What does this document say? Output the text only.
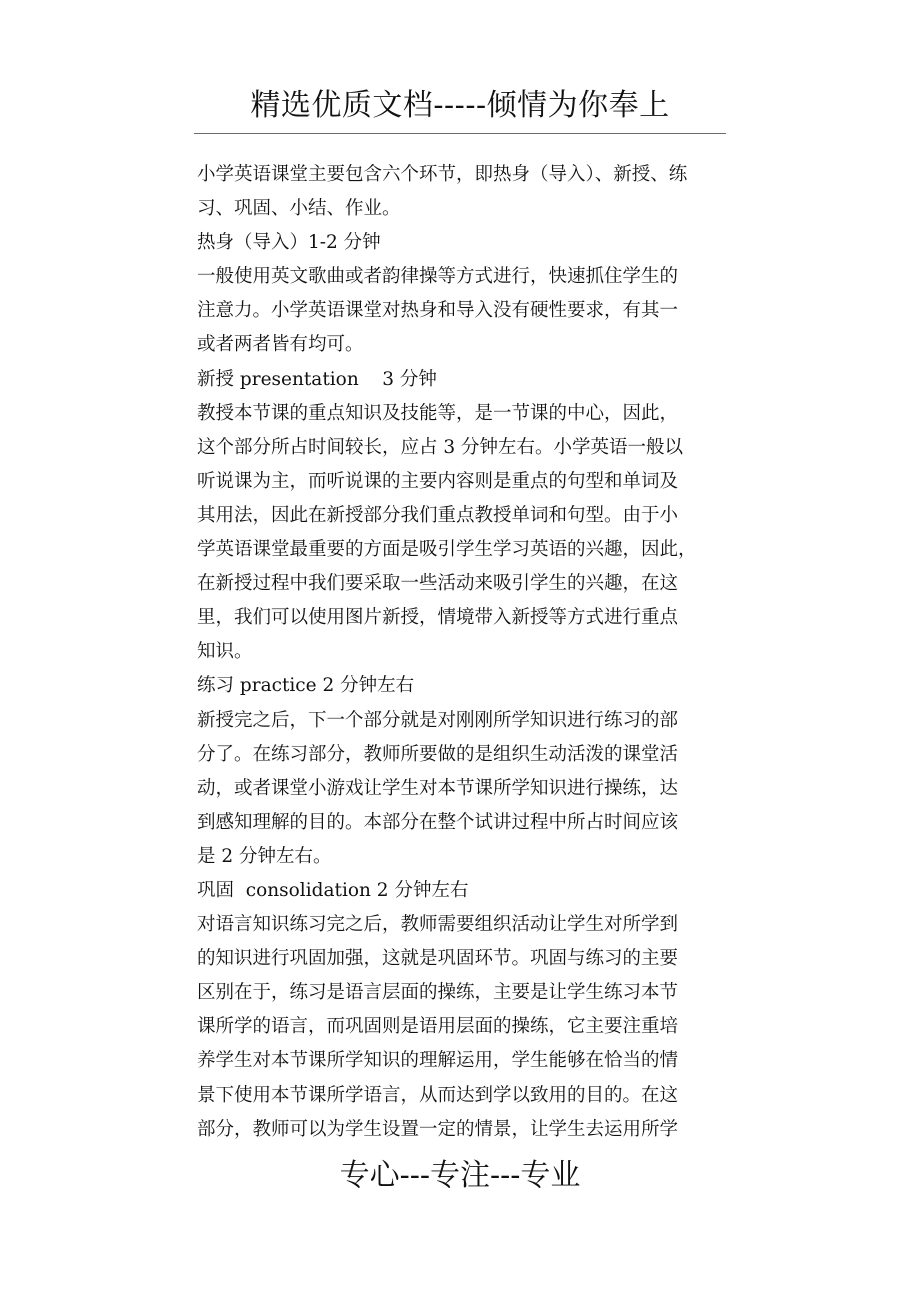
精选优质文档-----倾情为你奉上
小学英语课堂主要包含六个环节，即热身（导入）、新授、练
习、巩固、小结、作业。
热身（导入）1-2 分钟
一般使用英文歌曲或者韵律操等方式进行，快速抓住学生的
注意力。小学英语课堂对热身和导入没有硬性要求，有其一
或者两者皆有均可。
新授 presentation    3 分钟
教授本节课的重点知识及技能等，是一节课的中心，因此，
这个部分所占时间较长，应占 3 分钟左右。小学英语一般以
听说课为主，而听说课的主要内容则是重点的句型和单词及
其用法，因此在新授部分我们重点教授单词和句型。由于小
学英语课堂最重要的方面是吸引学生学习英语的兴趣，因此，
在新授过程中我们要采取一些活动来吸引学生的兴趣，在这
里，我们可以使用图片新授，情境带入新授等方式进行重点
知识。
练习 practice 2 分钟左右
新授完之后，下一个部分就是对刚刚所学知识进行练习的部
分了。在练习部分，教师所要做的是组织生动活泼的课堂活
动，或者课堂小游戏让学生对本节课所学知识进行操练，达
到感知理解的目的。本部分在整个试讲过程中所占时间应该
是 2 分钟左右。
巩固  consolidation 2 分钟左右
对语言知识练习完之后，教师需要组织活动让学生对所学到
的知识进行巩固加强，这就是巩固环节。巩固与练习的主要
区别在于，练习是语言层面的操练，主要是让学生练习本节
课所学的语言，而巩固则是语用层面的操练，它主要注重培
养学生对本节课所学知识的理解运用，学生能够在恰当的情
景下使用本节课所学语言，从而达到学以致用的目的。在这
部分，教师可以为学生设置一定的情景，让学生去运用所学
专心---专注---专业
